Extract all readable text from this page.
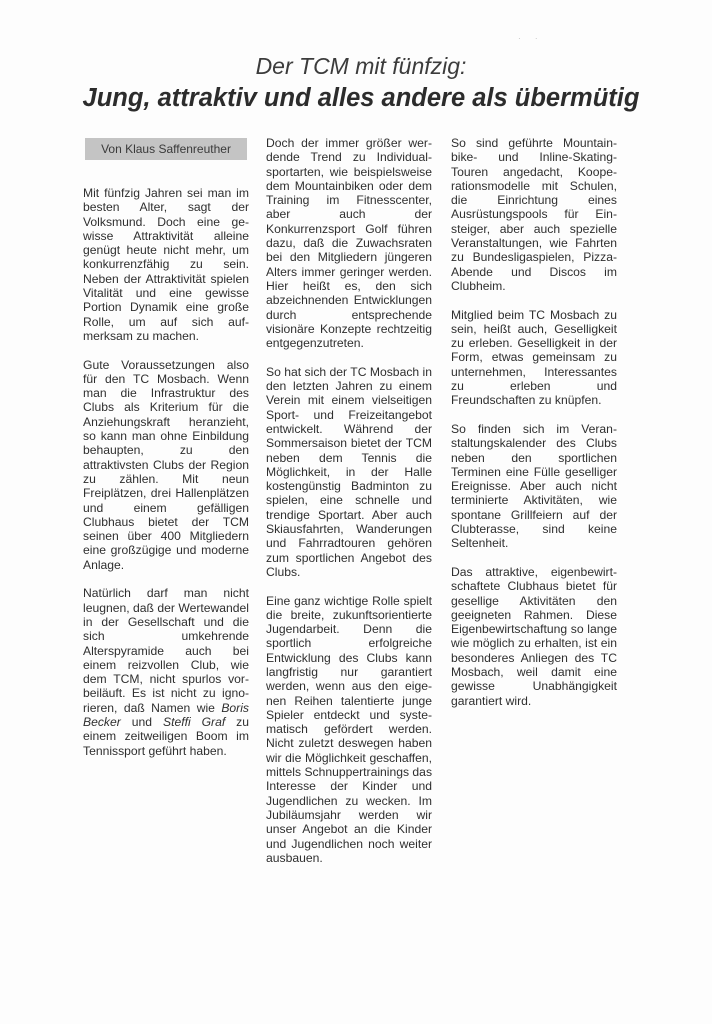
· ·
Der TCM mit fünfzig:
Jung, attraktiv und alles andere als übermütig
Von Klaus Saffenreuther

Mit fünfzig Jahren sei man im besten Alter, sagt der Volksmund. Doch eine gewisse Attraktivität alleine genügt heute nicht mehr, um konkurrenzfähig zu sein. Neben der Attraktivität spielen Vitalität und eine gewisse Portion Dynamik eine große Rolle, um auf sich aufmerksam zu machen.

Gute Voraussetzungen also für den TC Mosbach. Wenn man die Infrastruktur des Clubs als Kriterium für die Anziehungskraft heranzieht, so kann man ohne Einbildung behaupten, zu den attraktivsten Clubs der Region zu zählen. Mit neun Freiplätzen, drei Hallenplätzen und einem gefälligen Clubhaus bietet der TCM seinen über 400 Mitgliedern eine großzügige und moderne Anlage.

Natürlich darf man nicht leugnen, daß der Wertewandel in der Gesellschaft und die sich umkehrende Alterspyramide auch bei einem reizvollen Club, wie dem TCM, nicht spurlos vorbeiläuft. Es ist nicht zu ignorieren, daß Namen wie Boris Becker und Steffi Graf zu einem zeitweiligen Boom im Tennissport geführt haben.

Doch der immer größer werdende Trend zu Individualsportarten, wie beispielsweise dem Mountainbiken oder dem Training im Fitnesscenter, aber auch der Konkurrenzsport Golf führen dazu, daß die Zuwachsraten bei den Mitgliedern jüngeren Alters immer geringer werden. Hier heißt es, den sich abzeichnenden Entwicklungen durch entsprechende visionäre Konzepte rechtzeitig entgegenzutreten.

So hat sich der TC Mosbach in den letzten Jahren zu einem Verein mit einem vielseitigen Sport- und Freizeitangebot entwickelt. Während der Sommersaison bietet der TCM neben dem Tennis die Möglichkeit, in der Halle kostengünstig Badminton zu spielen, eine schnelle und trendige Sportart. Aber auch Skiausfahrten, Wanderungen und Fahrradtouren gehören zum sportlichen Angebot des Clubs.

Eine ganz wichtige Rolle spielt die breite, zukunftsorientierte Jugendarbeit. Denn die sportlich erfolgreiche Entwicklung des Clubs kann langfristig nur garantiert werden, wenn aus den eigenen Reihen talentierte junge Spieler entdeckt und systematisch gefördert werden. Nicht zuletzt deswegen haben wir die Möglichkeit geschaffen, mittels Schnuppertrainings das Interesse der Kinder und Jugendlichen zu wecken. Im Jubiläumsjahr werden wir unser Angebot an die Kinder und Jugendlichen noch weiter ausbauen.

So sind geführte Mountainbike- und Inline-Skating-Touren angedacht, Kooperationsmodelle mit Schulen, die Einrichtung eines Ausrüstungspools für Einsteiger, aber auch spezielle Veranstaltungen, wie Fahrten zu Bundesligaspielen, Pizza-Abende und Discos im Clubheim.

Mitglied beim TC Mosbach zu sein, heißt auch, Geselligkeit zu erleben. Geselligkeit in der Form, etwas gemeinsam zu unternehmen, Interessantes zu erleben und Freundschaften zu knüpfen.

So finden sich im Veranstaltungskalender des Clubs neben den sportlichen Terminen eine Fülle geselliger Ereignisse. Aber auch nicht terminierte Aktivitäten, wie spontane Grillfeiern auf der Clubterasse, sind keine Seltenheit.

Das attraktive, eigenbewirtschaftete Clubhaus bietet für gesellige Aktivitäten den geeigneten Rahmen. Diese Eigenbewirtschaftung so lange wie möglich zu erhalten, ist ein besonderes Anliegen des TC Mosbach, weil damit eine gewisse Unabhängigkeit garantiert wird.
